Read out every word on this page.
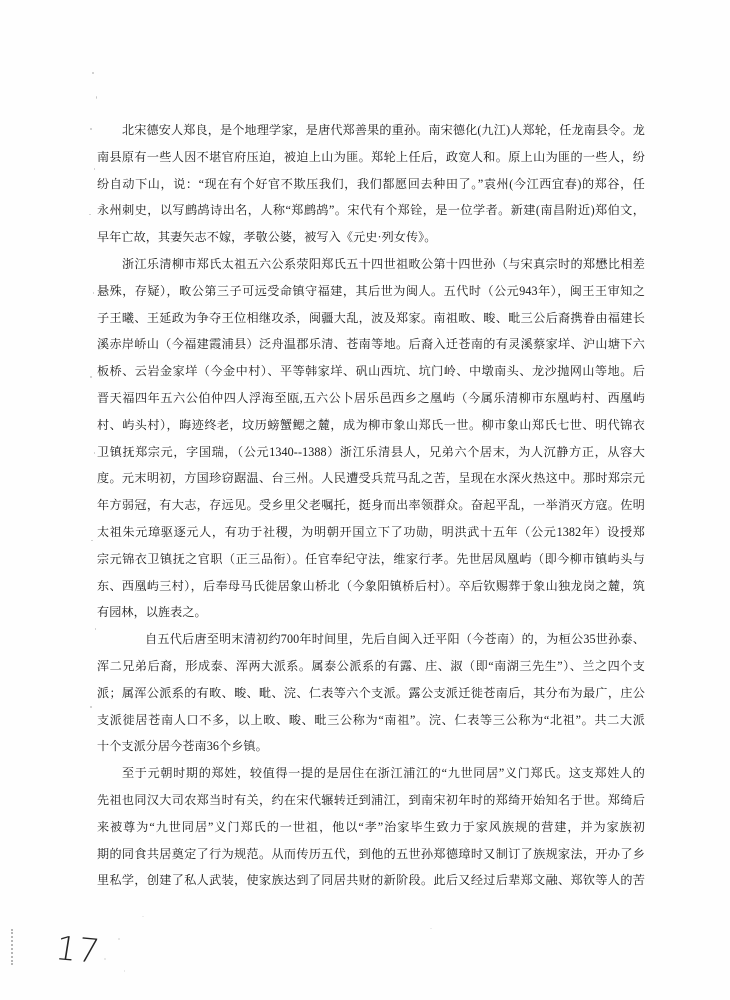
北宋德安人郑良，是个地理学家，是唐代郑善果的重孙。南宋德化(九江)人郑轮，任龙南县令。龙
南县原有一些人因不堪官府压迫，被迫上山为匪。郑轮上任后，政宽人和。原上山为匪的一些人，纷
纷自动下山，说：“现在有个好官不欺压我们，我们都愿回去种田了。”袁州(今江西宜春)的郑谷，任
永州刺史，以写鹧鸪诗出名，人称“郑鹧鸪”。宋代有个郑铨，是一位学者。新建(南昌附近)郑伯文，
早年亡故，其妻矢志不嫁，孝敬公婆，被写入《元史·列女传》。
浙江乐清柳市郑氏太祖五六公系荥阳郑氏五十四世祖畋公第十四世孙（与宋真宗时的郑懋比相差
悬殊，存疑），畋公第三子可远受命镇守福建，其后世为闽人。五代时（公元943年），闽王王审知之
子王曦、王延政为争夺王位相继攻杀，闽疆大乱，波及郑家。南祖畋、畯、毗三公后裔携眷由福建长
溪赤岸峤山（今福建霞浦县）泛舟温郡乐清、苍南等地。后裔入迁苍南的有灵溪蔡家垟、沪山塘下六
板桥、云岩金家垟（今金中村）、平等韩家垟、矾山西坑、坑门岭、中墩南头、龙沙抛网山等地。后
晋天福四年五六公伯仲四人浮海至瓯,五六公卜居乐邑西乡之凰屿（今属乐清柳市东凰屿村、西凰屿
村、屿头村），晦迹终老，坟历螃蟹鳃之麓，成为柳市象山郑氏一世。柳市象山郑氏七世、明代锦衣
卫镇抚郑宗元，字国瑞，（公元1340--1388）浙江乐清县人，兄弟六个居末，为人沉静方正，从容大
度。元末明初，方国珍窃踞温、台三州。人民遭受兵荒马乱之苦，呈现在水深火热这中。那时郑宗元
年方弱冠，有大志，存远见。受乡里父老嘱托，挺身而出率领群众。奋起平乱，一举消灭方寇。佐明
太祖朱元璋驱逐元人，有功于社稷，为明朝开国立下了功勋，明洪武十五年（公元1382年）设授郑
宗元锦衣卫镇抚之官职（正三品衔）。任官奉纪守法，维家行孝。先世居凤凰屿（即今柳市镇屿头与
东、西凰屿三村），后奉母马氏徙居象山桥北（今象阳镇桥后村）。卒后钦赐葬于象山独龙岗之麓，筑
有园林，以旌表之。
自五代后唐至明末清初约700年时间里，先后自闽入迁平阳（今苍南）的，为桓公35世孙泰、
浑二兄弟后裔，形成泰、浑两大派系。属泰公派系的有露、庄、淑（即“南湖三先生”）、兰之四个支
派；属浑公派系的有畋、畯、毗、浣、仁表等六个支派。露公支派迁徙苍南后，其分布为最广，庄公
支派徙居苍南人口不多，以上畋、畯、毗三公称为“南祖”。浣、仁表等三公称为“北祖”。共二大派
十个支派分居今苍南36个乡镇。
至于元朝时期的郑姓，较值得一提的是居住在浙江浦江的“九世同居”义门郑氏。这支郑姓人的
先祖也同汉大司农郑当时有关，约在宋代辗转迁到浦江，到南宋初年时的郑绮开始知名于世。郑绮后
来被尊为“九世同居”义门郑氏的一世祖，他以“孝”治家毕生致力于家风族规的营建，并为家族初
期的同食共居奠定了行为规范。从而传历五代，到他的五世孙郑德璋时又制订了族规家法，开办了乡
里私学，创建了私人武装，使家族达到了同居共财的新阶段。此后又经过后辈郑文融、郑钦等人的苦
17
